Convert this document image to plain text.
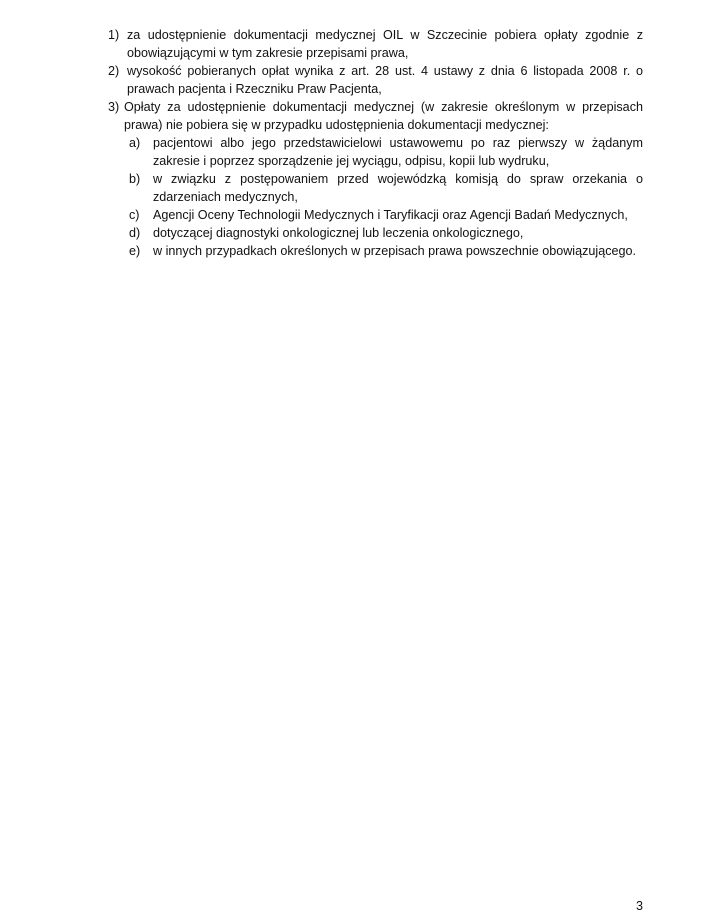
1) za udostępnienie dokumentacji medycznej OIL w Szczecinie pobiera opłaty zgodnie z obowiązującymi w tym zakresie przepisami prawa,
2) wysokość pobieranych opłat wynika z art. 28 ust. 4 ustawy z dnia 6 listopada 2008 r. o prawach pacjenta i Rzeczniku Praw Pacjenta,
3) Opłaty za udostępnienie dokumentacji medycznej (w zakresie określonym w przepisach prawa) nie pobiera się w przypadku udostępnienia dokumentacji medycznej:
a) pacjentowi albo jego przedstawicielowi ustawowemu po raz pierwszy w żądanym zakresie i poprzez sporządzenie jej wyciągu, odpisu, kopii lub wydruku,
b) w związku z postępowaniem przed wojewódzką komisją do spraw orzekania o zdarzeniach medycznych,
c) Agencji Oceny Technologii Medycznych i Taryfikacji oraz Agencji Badań Medycznych,
d) dotyczącej diagnostyki onkologicznej lub leczenia onkologicznego,
e) w innych przypadkach określonych w przepisach prawa powszechnie obowiązującego.
3
